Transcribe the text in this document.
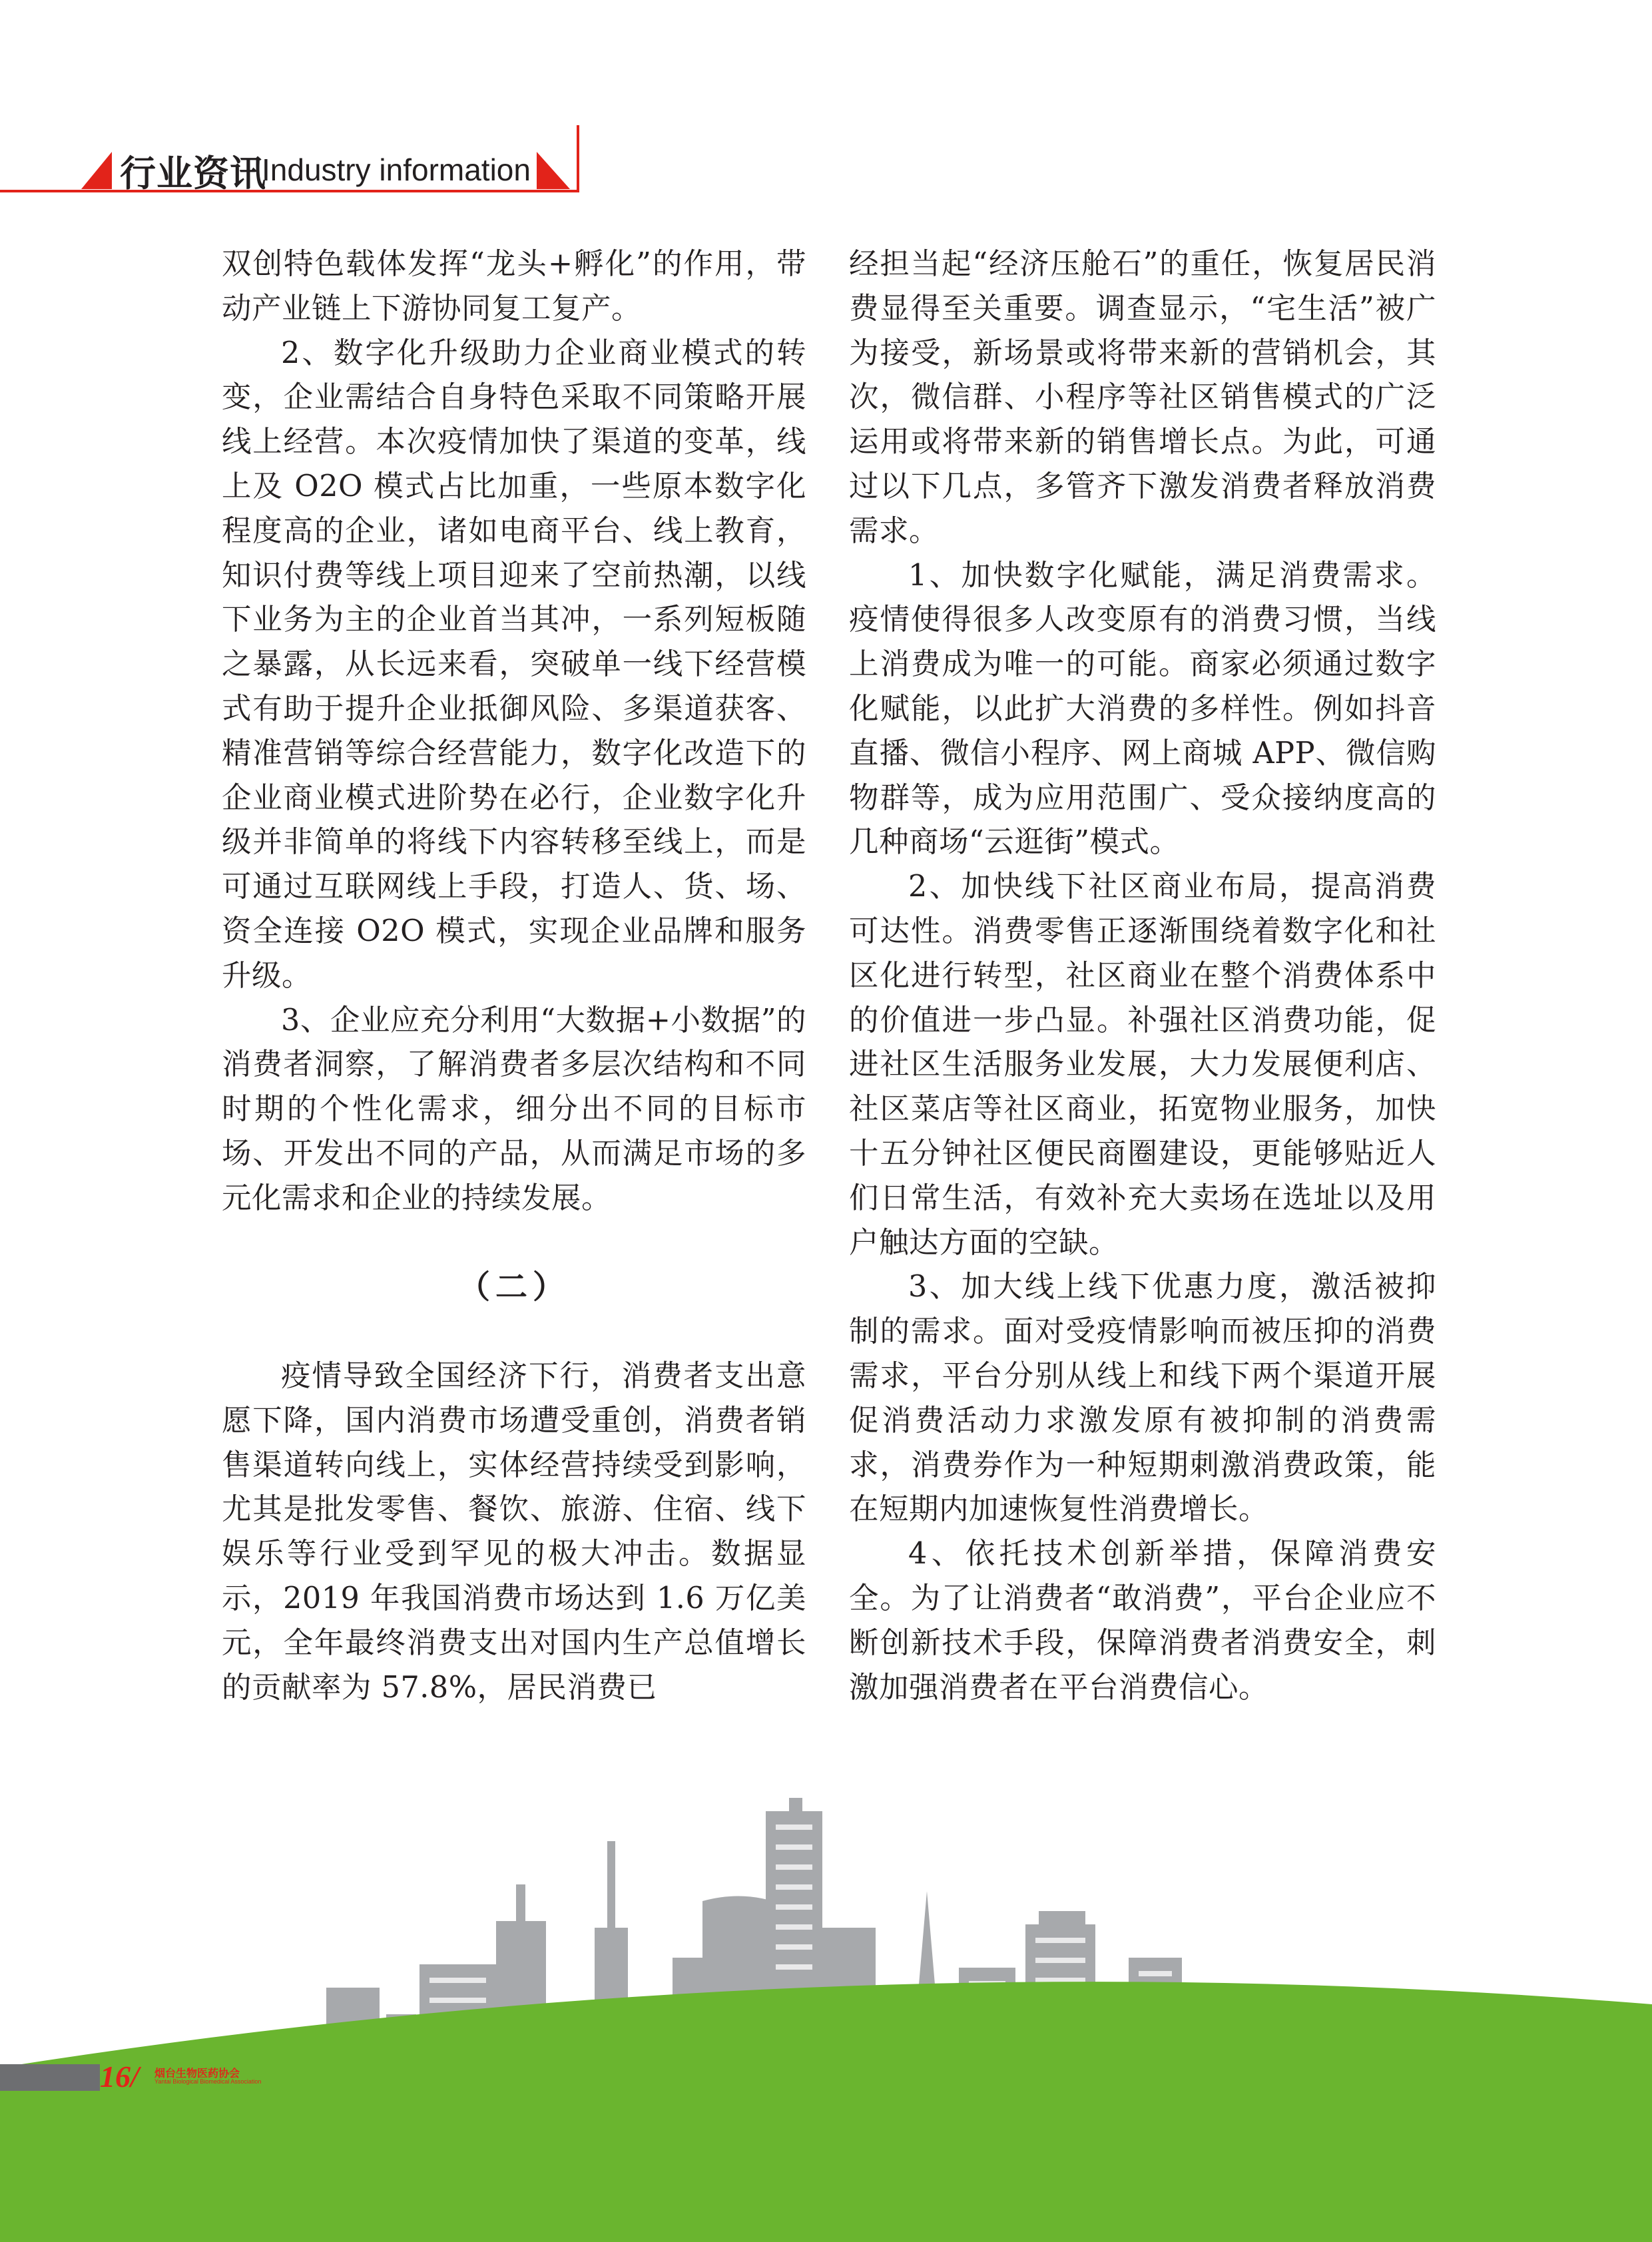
行业资讯
Industry information

双创特色载体发挥“龙头+孵化”的作用，带动产业链上下游协同复工复产。

2、数字化升级助力企业商业模式的转变，企业需结合自身特色采取不同策略开展线上经营。本次疫情加快了渠道的变革，线上及 O2O 模式占比加重，一些原本数字化程度高的企业，诸如电商平台、线上教育，知识付费等线上项目迎来了空前热潮，以线下业务为主的企业首当其冲，一系列短板随之暴露，从长远来看，突破单一线下经营模式有助于提升企业抵御风险、多渠道获客、精准营销等综合经营能力，数字化改造下的企业商业模式进阶势在必行，企业数字化升级并非简单的将线下内容转移至线上，而是可通过互联网线上手段，打造人、货、场、资全连接 O2O 模式，实现企业品牌和服务升级。

3、企业应充分利用“大数据+小数据”的消费者洞察，了解消费者多层次结构和不同时期的个性化需求，细分出不同的目标市场、开发出不同的产品，从而满足市场的多元化需求和企业的持续发展。

（二）

疫情导致全国经济下行，消费者支出意愿下降，国内消费市场遭受重创，消费者销售渠道转向线上，实体经营持续受到影响，尤其是批发零售、餐饮、旅游、住宿、线下娱乐等行业受到罕见的极大冲击。数据显示，2019 年我国消费市场达到 1.6 万亿美元，全年最终消费支出对国内生产总值增长的贡献率为 57.8%，居民消费已

经担当起“经济压舱石”的重任，恢复居民消费显得至关重要。调查显示，“宅生活”被广为接受，新场景或将带来新的营销机会，其次，微信群、小程序等社区销售模式的广泛运用或将带来新的销售增长点。为此，可通过以下几点，多管齐下激发消费者释放消费需求。

1、加快数字化赋能，满足消费需求。疫情使得很多人改变原有的消费习惯，当线上消费成为唯一的可能。商家必须通过数字化赋能，以此扩大消费的多样性。例如抖音直播、微信小程序、网上商城 APP、微信购物群等，成为应用范围广、受众接纳度高的几种商场“云逛街”模式。

2、加快线下社区商业布局，提高消费可达性。消费零售正逐渐围绕着数字化和社区化进行转型，社区商业在整个消费体系中的价值进一步凸显。补强社区消费功能，促进社区生活服务业发展，大力发展便利店、社区菜店等社区商业，拓宽物业服务，加快十五分钟社区便民商圈建设，更能够贴近人们日常生活，有效补充大卖场在选址以及用户触达方面的空缺。

3、加大线上线下优惠力度，激活被抑制的需求。面对受疫情影响而被压抑的消费需求，平台分别从线上和线下两个渠道开展促消费活动力求激发原有被抑制的消费需求，消费券作为一种短期刺激消费政策，能在短期内加速恢复性消费增长。

4、依托技术创新举措，保障消费安全。为了让消费者“敢消费”，平台企业应不断创新技术手段，保障消费者消费安全，刺激加强消费者在平台消费信心。

16/ 烟台生物医药协会
Yantai Biological Biomedical Association
